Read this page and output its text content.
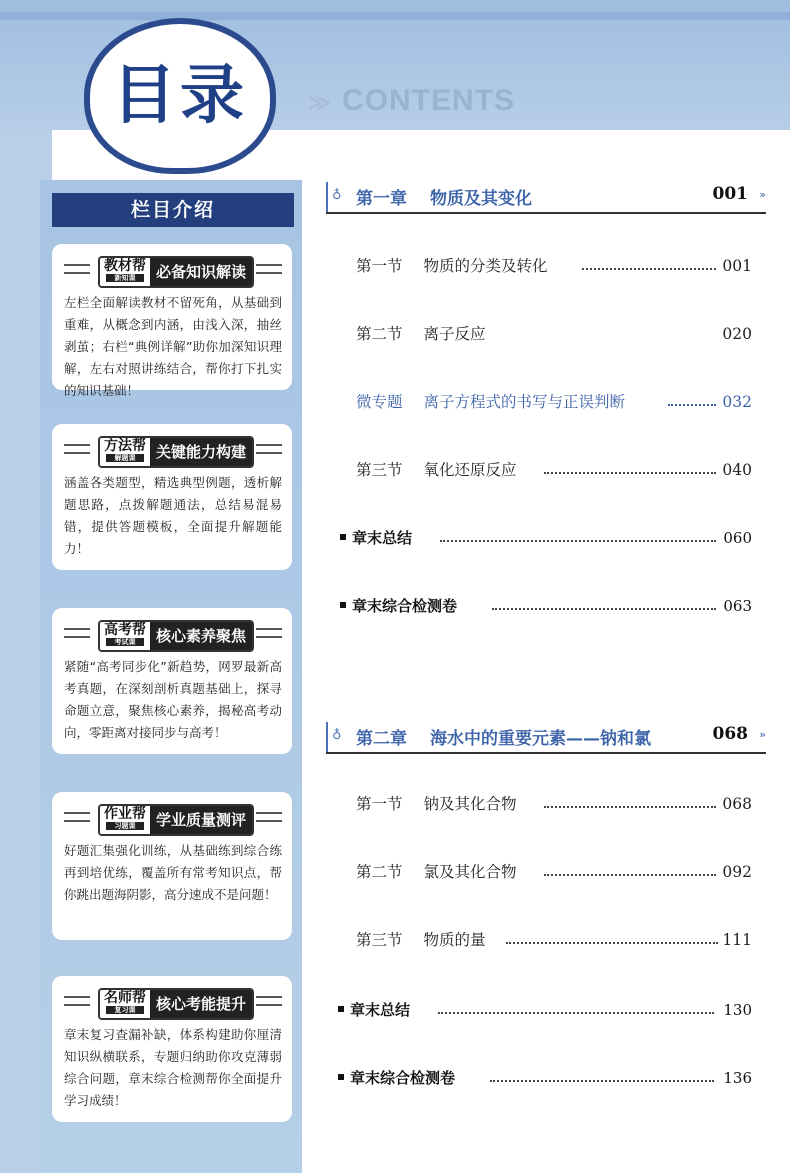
目录	≫ CONTENTS
栏目介绍
教材帮
新知课	必备知识解读
左栏全面解读教材不留死角，从基础到重难，从概念到内涵，由浅入深，抽丝剥茧；右栏“典例详解”助你加深知识理解，左右对照讲练结合，帮你打下扎实的知识基础！
方法帮
解题课	关键能力构建
涵盖各类题型，精选典型例题，透析解题思路，点拨解题通法，总结易混易错，提供答题模板，全面提升解题能力！
高考帮
考试课	核心素养聚焦
紧随“高考同步化”新趋势，网罗最新高考真题，在深刻剖析真题基础上，探寻命题立意，聚焦核心素养，揭秘高考动向，零距离对接同步与高考！
作业帮
习题课	学业质量测评
好题汇集强化训练，从基础练到综合练再到培优练，覆盖所有常考知识点，帮你跳出题海阴影，高分速成不是问题！
名师帮
复习课	核心考能提升
章末复习查漏补缺，体系构建助你厘清知识纵横联系，专题归纳助你攻克薄弱综合问题，章末综合检测帮你全面提升学习成绩！
♁ 第一章 物质及其变化	001 »
第一节 物质的分类及转化	001
第二节 离子反应	020
微专题 离子方程式的书写与正误判断	032
第三节 氧化还原反应	040
章末总结	060
章末综合检测卷	063
♁ 第二章 海水中的重要元素——钠和氯	068 »
第一节 钠及其化合物	068
第二节 氯及其化合物	092
第三节 物质的量	111
章末总结	130
章末综合检测卷	136
